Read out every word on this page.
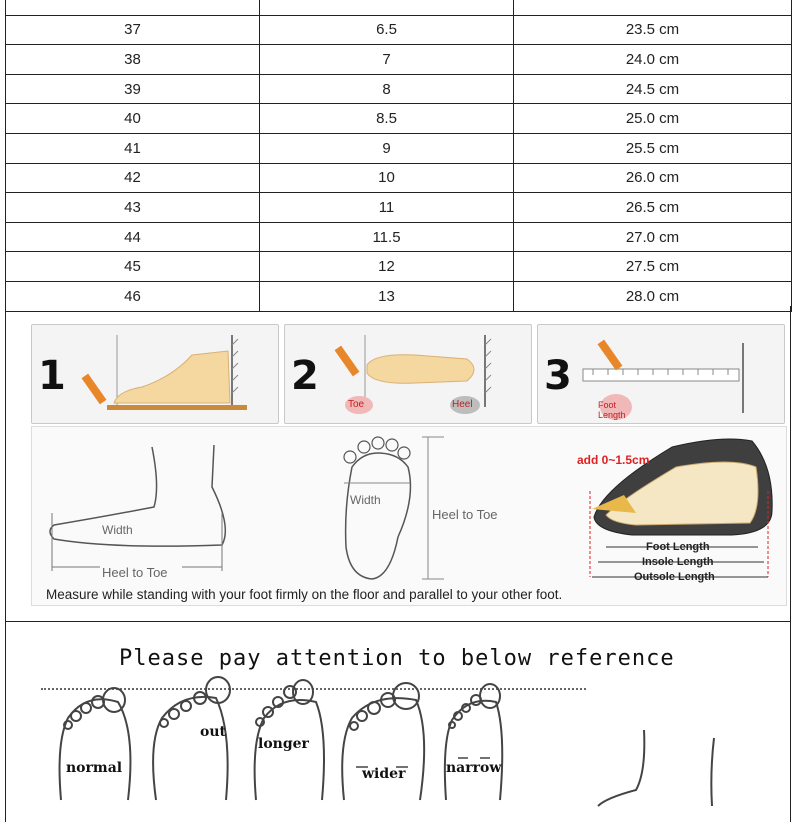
37	6.5	23.5 cm
38	7	24.0 cm
39	8	24.5 cm
40	8.5	25.0 cm
41	9	25.5 cm
42	10	26.0 cm
43	11	26.5 cm
44	11.5	27.0 cm
45	12	27.5 cm
46	13	28.0 cm
1	2
Toe	Heel
3
Foot Length
Width
Heel to Toe
Width
Heel to Toe
add 0~1.5cm
Foot Length
Insole Length
Outsole Length
Measure while standing with your foot firmly on the floor and parallel to your other foot.
Please pay attention to below reference
normal
out
longer
wider	narrow
